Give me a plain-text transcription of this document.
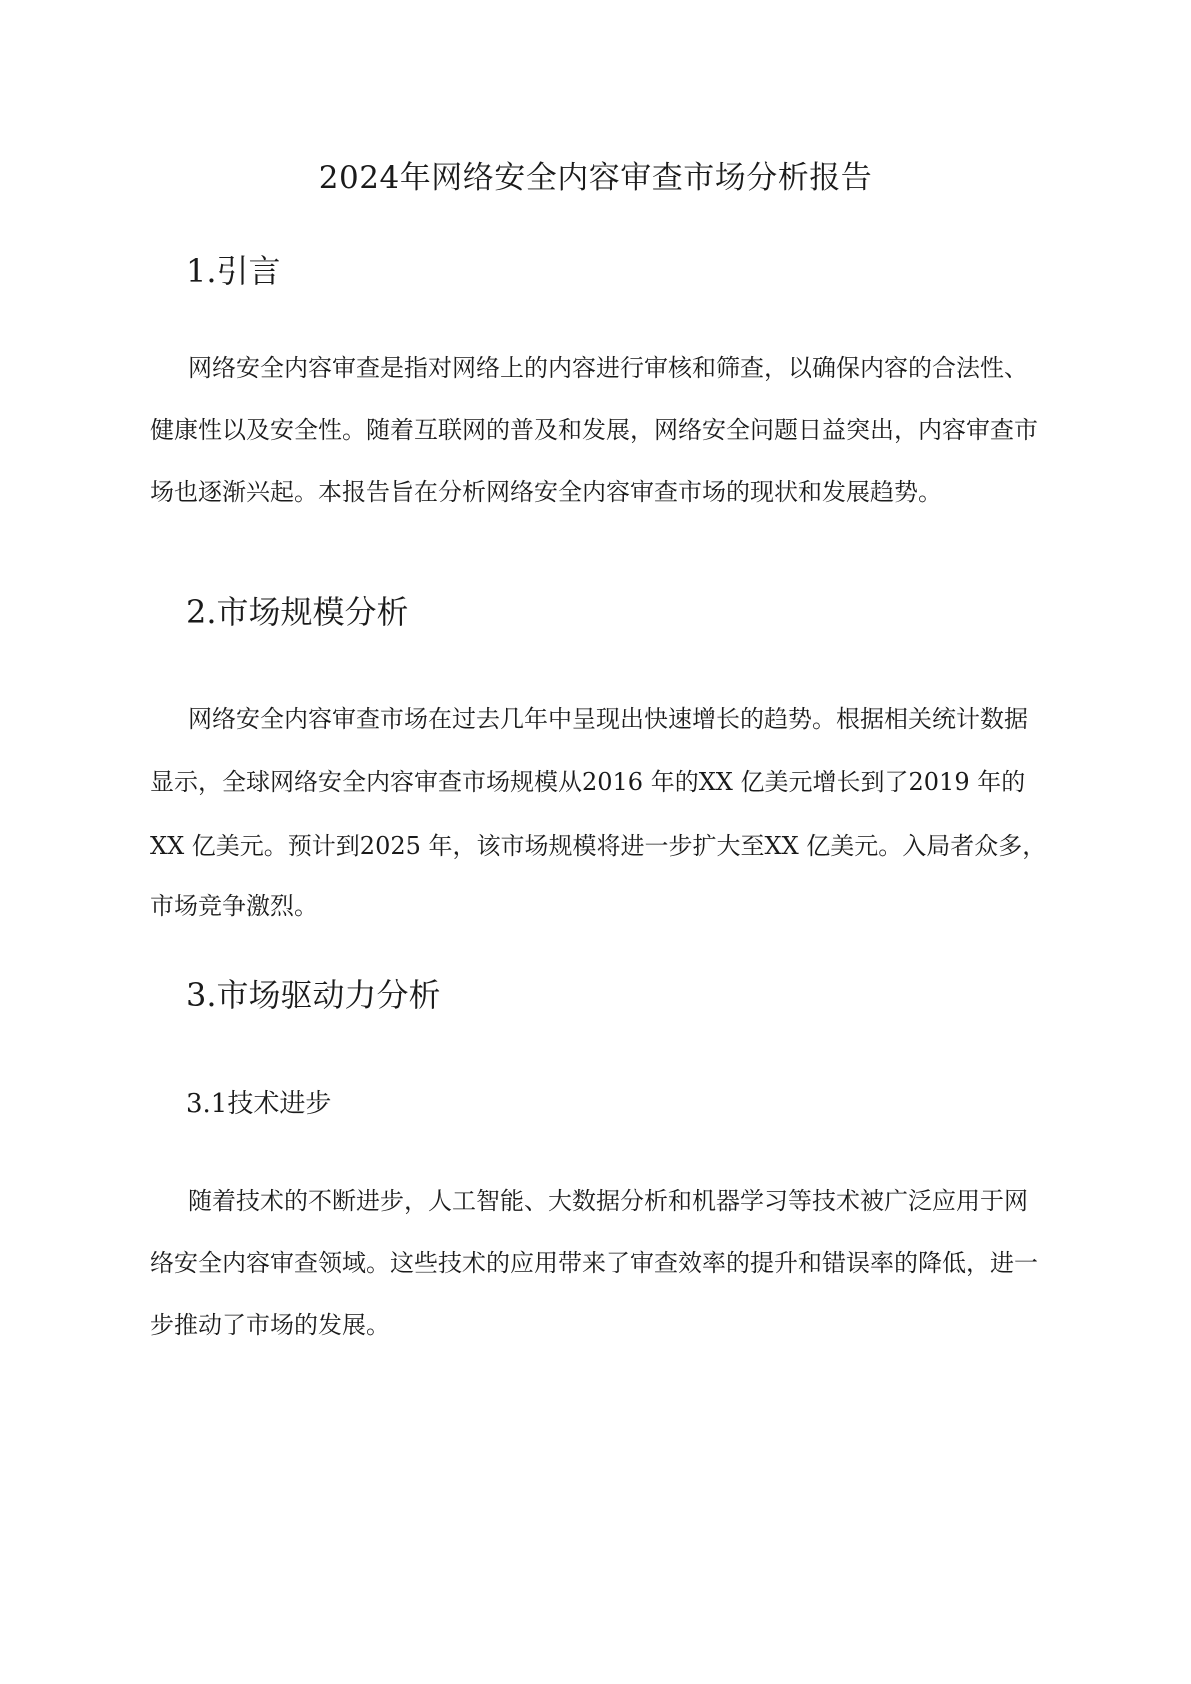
2024年网络安全内容审查市场分析报告
1.引言
网络安全内容审查是指对网络上的内容进行审核和筛查，以确保内容的合法性、
健康性以及安全性。随着互联网的普及和发展，网络安全问题日益突出，内容审查市
场也逐渐兴起。本报告旨在分析网络安全内容审查市场的现状和发展趋势。
2.市场规模分析
网络安全内容审查市场在过去几年中呈现出快速增长的趋势。根据相关统计数据
显示，全球网络安全内容审查市场规模从2016 年的XX 亿美元增长到了2019 年的
XX 亿美元。预计到2025 年，该市场规模将进一步扩大至XX 亿美元。入局者众多，
市场竞争激烈。
3.市场驱动力分析
3.1技术进步
随着技术的不断进步，人工智能、大数据分析和机器学习等技术被广泛应用于网
络安全内容审查领域。这些技术的应用带来了审查效率的提升和错误率的降低，进一
步推动了市场的发展。
